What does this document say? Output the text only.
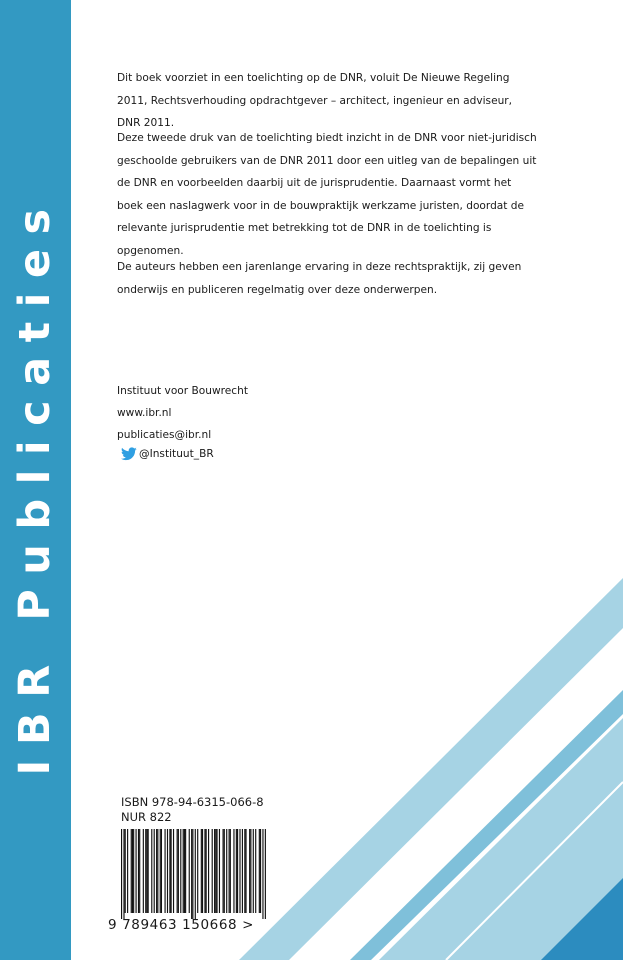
IBR Publicaties

Dit boek voorziet in een toelichting op de DNR, voluit De Nieuwe Regeling 2011, Rechtsverhouding opdrachtgever – architect, ingenieur en adviseur, DNR 2011.

Deze tweede druk van de toelichting biedt inzicht in de DNR voor niet-juridisch geschoolde gebruikers van de DNR 2011 door een uitleg van de bepalingen uit de DNR en voorbeelden daarbij uit de jurisprudentie. Daarnaast vormt het boek een naslagwerk voor in de bouwpraktijk werkzame juristen, doordat de relevante jurisprudentie met betrekking tot de DNR in de toelichting is opgenomen.

De auteurs hebben een jarenlange ervaring in deze rechtspraktijk, zij geven onderwijs en publiceren regelmatig over deze onderwerpen.

Instituut voor Bouwrecht
www.ibr.nl
publicaties@ibr.nl
@Instituut_BR
ISBN 978-94-6315-066-8
NUR 822
9 789463 150668 >
